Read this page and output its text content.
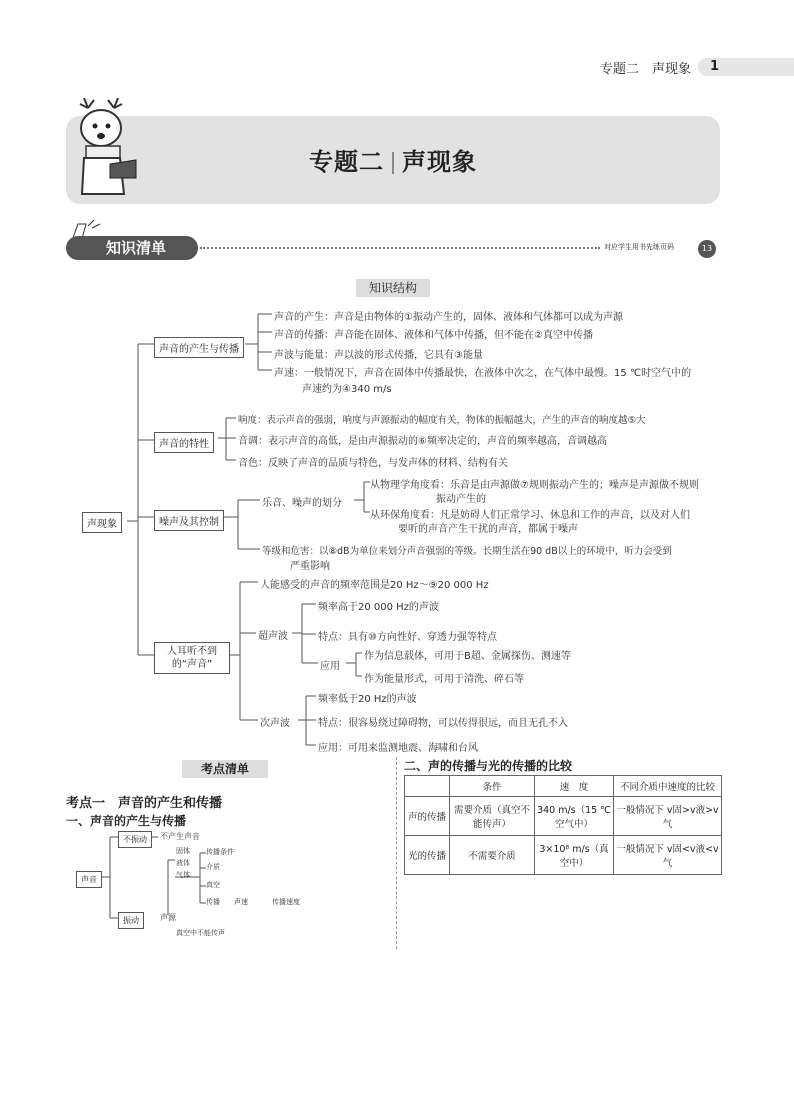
专题二　声现象	1
专题二 声现象
知识清单	对应学生用书先练页码	13
知识结构
声现象
声音的产生与传播
声音的特性
噪声及其控制
人耳听不到的“声音”
声音的产生：声音是由物体的①振动产生的，固体、液体和气体都可以成为声源
声音的传播：声音能在固体、液体和气体中传播，但不能在②真空中传播
声波与能量：声以波的形式传播，它具有③能量
声速：一般情况下，声音在固体中传播最快，在液体中次之，在气体中最慢。15 ℃时空气中的
声速约为④340 m/s
响度：表示声音的强弱，响度与声源振动的幅度有关，物体的振幅越大，产生的声音的响度越⑤大
音调：表示声音的高低，是由声源振动的⑥频率决定的，声音的频率越高，音调越高
音色：反映了声音的品质与特色，与发声体的材料、结构有关
乐音、噪声的划分
从物理学角度看：乐音是由声源做⑦规则振动产生的；噪声是声源做不规则
振动产生的
从环保角度看：凡是妨碍人们正常学习、休息和工作的声音，以及对人们
要听的声音产生干扰的声音，都属于噪声
等级和危害：以⑧dB为单位来划分声音强弱的等级。长期生活在90 dB以上的环境中，听力会受到
严重影响
人能感受的声音的频率范围是20 Hz～⑨20 000 Hz
超声波
频率高于20 000 Hz的声波
特点：具有⑩方向性好、穿透力强等特点
应用
作为信息载体，可用于B超、金属探伤、测速等
作为能量形式，可用于清洗、碎石等
次声波
频率低于20 Hz的声波
特点：很容易绕过障碍物，可以传得很远，而且无孔不入
应用：可用来监测地震、海啸和台风
考点清单
考点一　声音的产生和传播
一、声音的产生与传播
声音
不振动	不产生声音
振动	声源
固体
液体
气体
传播条件
介质
真空
传播 声速	传播速度
真空中不能传声
二、声的传播与光的传播的比较
	条件	速　度	不同介质中速度的比较
声的传播	需要介质（真空不能传声）	340 m/s（15 ℃空气中）	一般情况下 v固>v液>v气
光的传播	不需要介质	3×10⁸ m/s（真空中）	一般情况下 v固<v液<v气
